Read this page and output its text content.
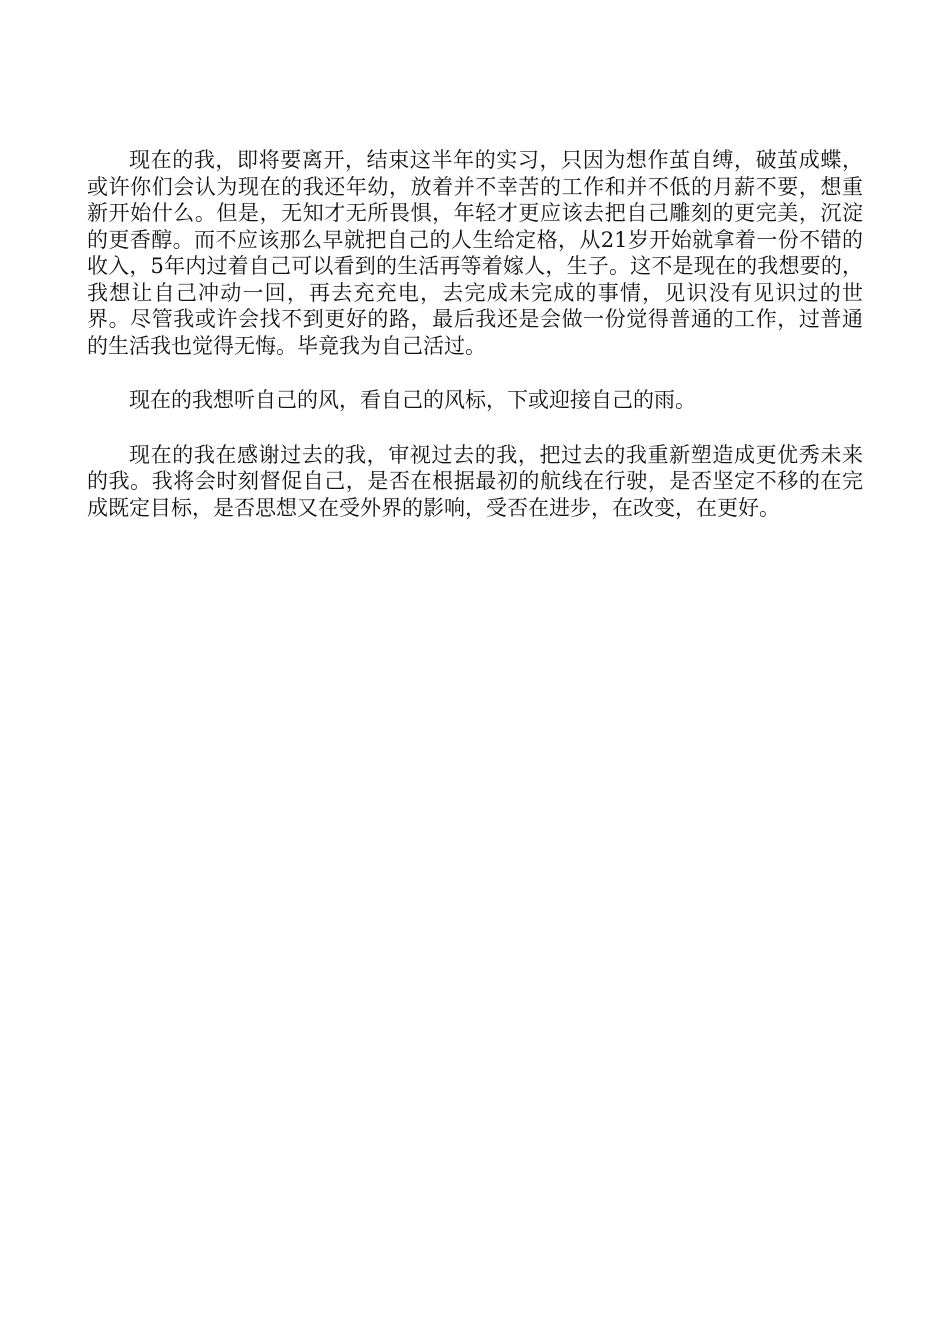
现在的我，即将要离开，结束这半年的实习，只因为想作茧自缚，破茧成蝶，或许你们会认为现在的我还年幼，放着并不幸苦的工作和并不低的月薪不要，想重新开始什么。但是，无知才无所畏惧，年轻才更应该去把自己雕刻的更完美，沉淀的更香醇。而不应该那么早就把自己的人生给定格，从21岁开始就拿着一份不错的收入，5年内过着自己可以看到的生活再等着嫁人，生子。这不是现在的我想要的，我想让自己冲动一回，再去充充电，去完成未完成的事情，见识没有见识过的世界。尽管我或许会找不到更好的路，最后我还是会做一份觉得普通的工作，过普通的生活我也觉得无悔。毕竟我为自己活过。

现在的我想听自己的风，看自己的风标，下或迎接自己的雨。

现在的我在感谢过去的我，审视过去的我，把过去的我重新塑造成更优秀未来的我。我将会时刻督促自己，是否在根据最初的航线在行驶，是否坚定不移的在完成既定目标，是否思想又在受外界的影响，受否在进步，在改变，在更好。
